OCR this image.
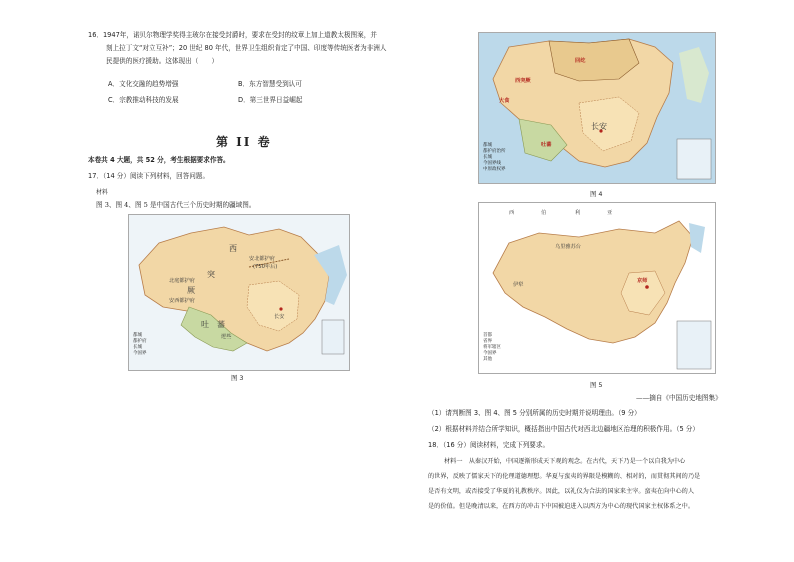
16．1947年，诺贝尔物理学奖得主玻尔在接受封爵时，要求在受封的纹章上加上道教太极图案，并
刻上拉丁文“对立互补”；20 世纪 80 年代，世界卫生组织肯定了中国、印度等传统医者为非洲人
民提供的医疗援助。这体现出（　　）
A．文化交融的趋势增强	B．东方智慧受到认可
C．宗教推动科技的发展	D．第三世界日益崛起
第 II 卷
本卷共 4 大题，共 52 分，考生根据要求作答。
17．（14 分）阅读下列材料，回答问题。
材料
图 3、图 4、图 5 是中国古代三个历史时期的疆域图。
西
突
厥
安北都护府
(750年后)
北庭都护府
安西都护府
吐　蕃
逻些
长安
都城
都护府
长城
今国界
图 3
回纥
大食
西突厥
吐蕃
长安
都城
都护府治所
长城
今国界线
中原政权界
图 4
西	伯	利	亚
乌里雅苏台
伊犁
京师
首都
省界
将军辖区
今国界
其他
图 5
——摘自《中国历史地图集》
（1）请判断图 3、图 4、图 5 分别所属的历史时期并说明理由。（9 分）
（2）根据材料并结合所学知识，概括指出中国古代对西北边疆地区治理的积极作用。（5 分）
18．（16 分）阅读材料，完成下列要求。
材料一　从秦汉开始，中国逐渐形成天下观的观念。在古代，天下乃是一个以自我为中心
的世界，反映了儒家天下的伦理道德理想。华夏与蛮夷的界限是模糊的、相对的，而贯彻其间的乃是
是否有文明，或否接受了华夏的礼教秩序。因此，以礼仪为合法的国家来主宰。蛮夷在向中心的人
是的价值。但是晚清以来，在西方的冲击下中国被迫进入以西方为中心的现代国家主权体系之中。
